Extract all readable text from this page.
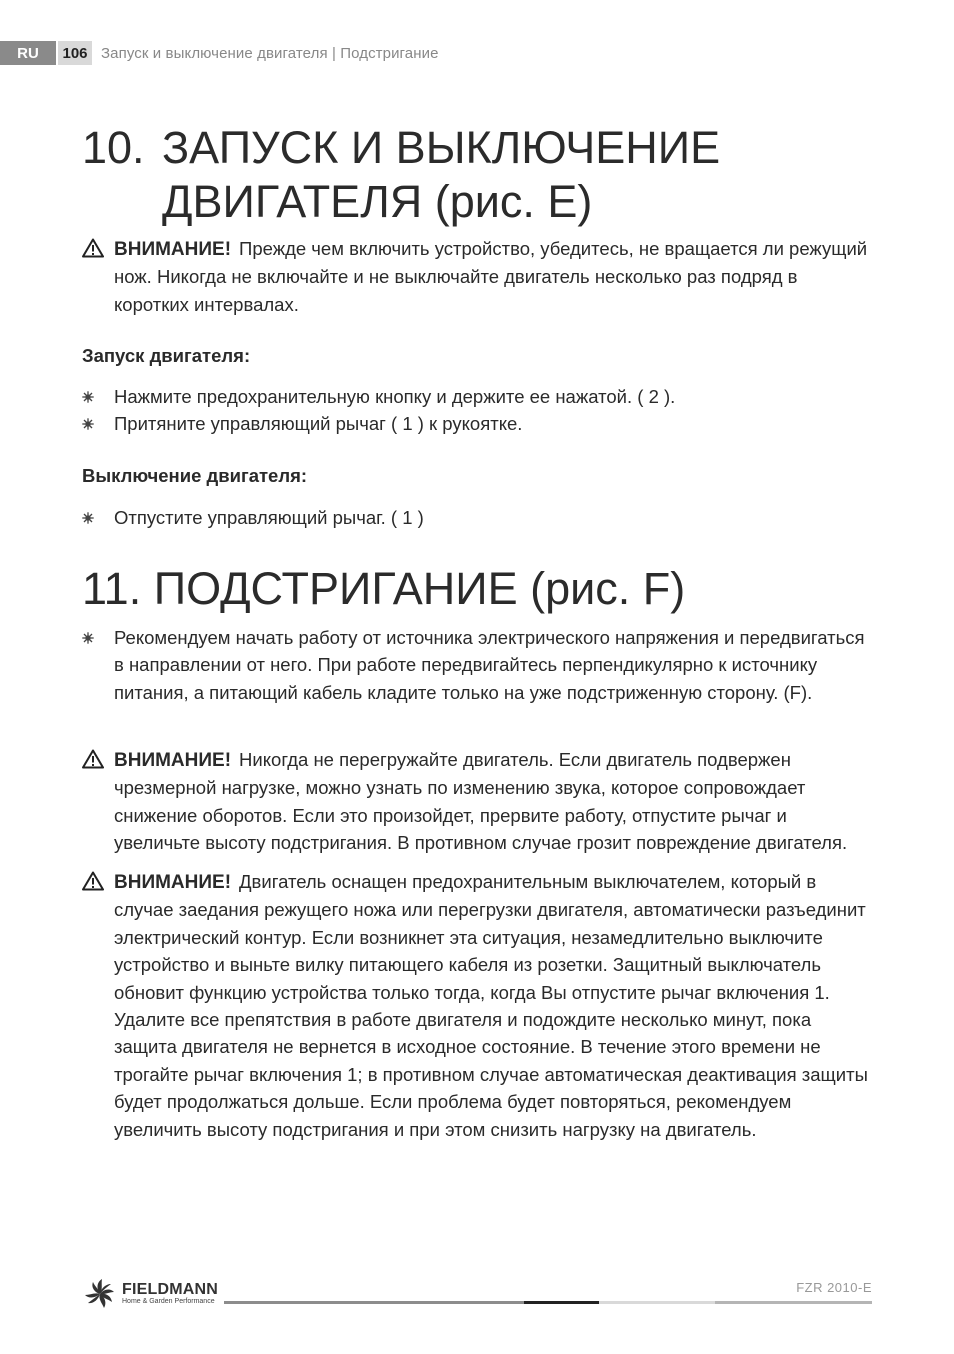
RU	106 Запуск и выключение двигателя | Подстригание
10. ЗАПУСК И ВЫКЛЮЧЕНИЕ
ДВИГАТЕЛЯ (рис. E)
ВНИМАНИЕ! Прежде чем включить устройство, убедитесь, не вращается ли режущий нож. Никогда не включайте и не выключайте двигатель несколько раз подряд в коротких интервалах.
Запуск двигателя:
Нажмите предохранительную кнопку и держите ее нажатой. ( 2 ).
Притяните управляющий рычаг ( 1 ) к рукоятке.
Выключение двигателя:
Отпустите управляющий рычаг. ( 1 )
11. ПОДСТРИГАНИЕ (рис. F)
Рекомендуем начать работу от источника электрического напряжения и передвигаться в направлении от него. При работе передвигайтесь перпендикулярно к источнику питания, а питающий кабель кладите только на уже подстриженную сторону. (F).
ВНИМАНИЕ! Никогда не перегружайте двигатель. Если двигатель подвержен чрезмерной нагрузке, можно узнать по изменению звука, которое сопровождает снижение оборотов. Если это произойдет, прервите работу, отпустите рычаг и увеличьте высоту подстригания. В противном случае грозит повреждение двигателя.
ВНИМАНИЕ! Двигатель оснащен предохранительным выключателем, который в случае заедания режущего ножа или перегрузки двигателя, автоматически разъединит электрический контур. Если возникнет эта ситуация, незамедлительно выключите устройство и выньте вилку питающего кабеля из розетки. Защитный выключатель обновит функцию устройства только тогда, когда Вы отпустите рычаг включения 1. Удалите все препятствия в работе двигателя и подождите несколько минут, пока защита двигателя не вернется в исходное состояние. В течение этого времени не трогайте рычаг включения 1; в противном случае автоматическая деактивация защиты будет продолжаться дольше. Если проблема будет повторяться, рекомендуем увеличить высоту подстригания и при этом снизить нагрузку на двигатель.
FIELDMANN
Home & Garden Performance
FZR 2010-E
